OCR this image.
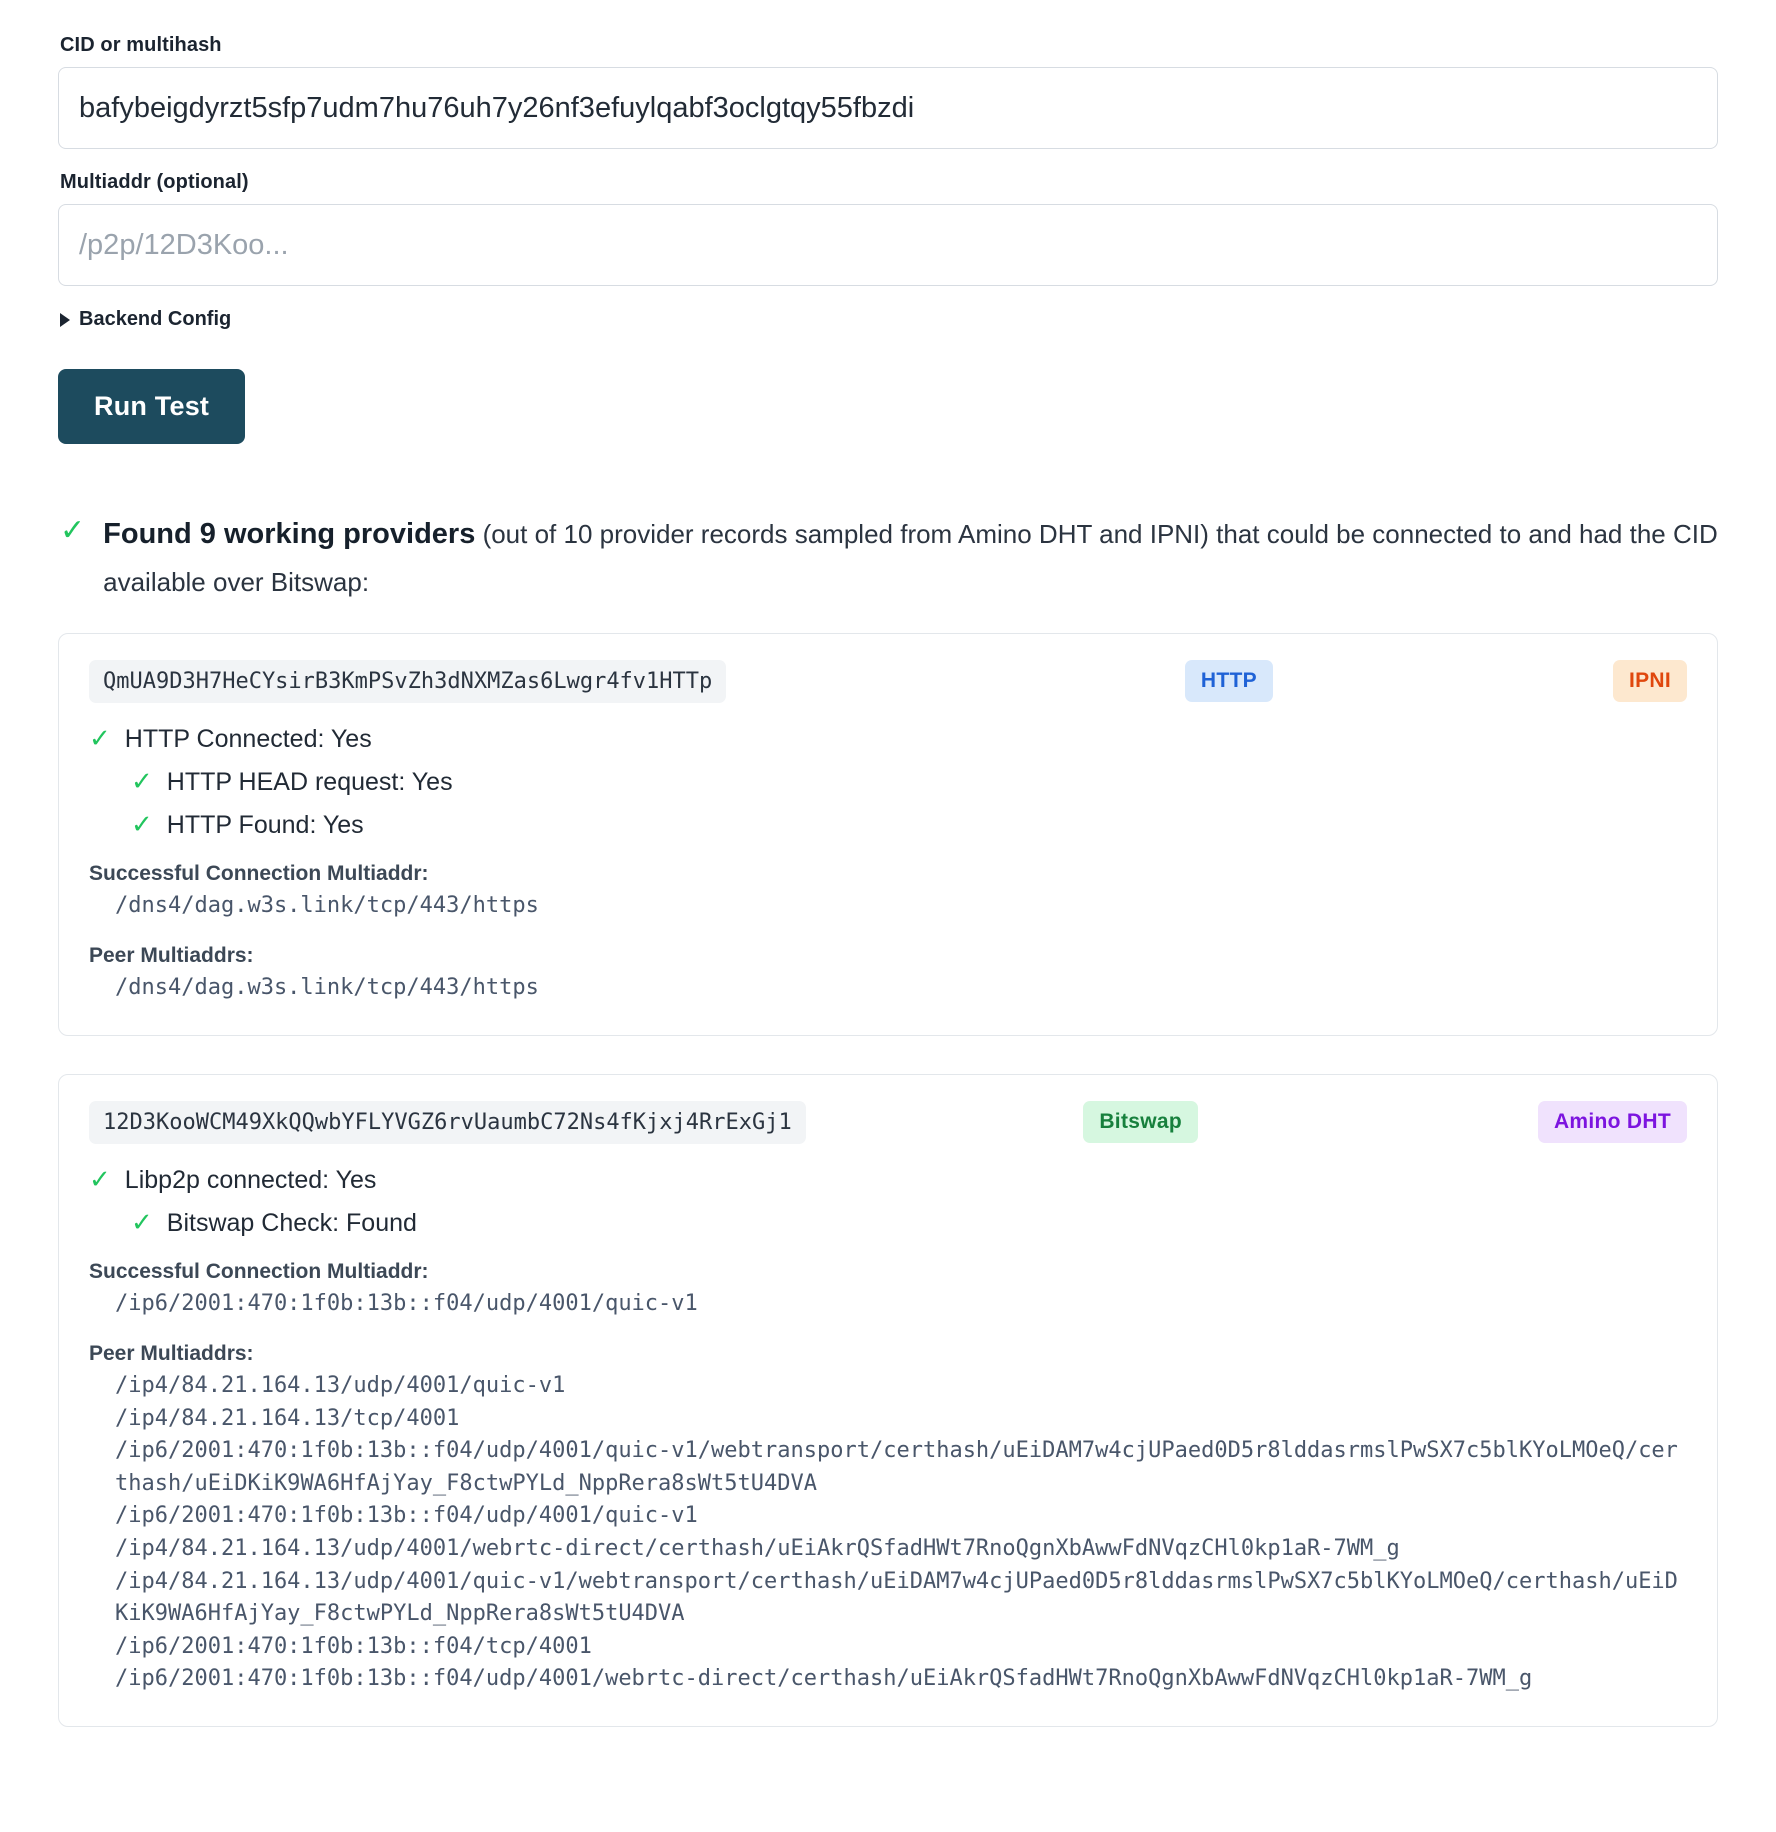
CID or multihash
bafybeigdyrzt5sfp7udm7hu76uh7y26nf3efuylqabf3oclgtqy55fbzdi
Multiaddr (optional)
/p2p/12D3Koo...
Backend Config
Run Test
✓ Found 9 working providers (out of 10 provider records sampled from Amino DHT and IPNI) that could be connected to and had the CID available over Bitswap:
QmUA9D3H7HeCYsirB3KmPSvZh3dNXMZas6Lwgr4fv1HTTp	HTTP	IPNI
✓ HTTP Connected: Yes
✓ HTTP HEAD request: Yes
✓ HTTP Found: Yes
Successful Connection Multiaddr:
/dns4/dag.w3s.link/tcp/443/https
Peer Multiaddrs:
/dns4/dag.w3s.link/tcp/443/https
12D3KooWCM49XkQQwbYFLYVGZ6rvUaumbC72Ns4fKjxj4RrExGj1	Bitswap	Amino DHT
✓ Libp2p connected: Yes
✓ Bitswap Check: Found
Successful Connection Multiaddr:
/ip6/2001:470:1f0b:13b::f04/udp/4001/quic-v1
Peer Multiaddrs:
/ip4/84.21.164.13/udp/4001/quic-v1
/ip4/84.21.164.13/tcp/4001
/ip6/2001:470:1f0b:13b::f04/udp/4001/quic-v1/webtransport/certhash/uEiDAM7w4cjUPaed0D5r8lddasrmslPwSX7c5blKYoLMOeQ/certhash/uEiDKiK9WA6HfAjYay_F8ctwPYLd_NppRera8sWt5tU4DVA
/ip6/2001:470:1f0b:13b::f04/udp/4001/quic-v1
/ip4/84.21.164.13/udp/4001/webrtc-direct/certhash/uEiAkrQSfadHWt7RnoQgnXbAwwFdNVqzCHl0kp1aR-7WM_g
/ip4/84.21.164.13/udp/4001/quic-v1/webtransport/certhash/uEiDAM7w4cjUPaed0D5r8lddasrmslPwSX7c5blKYoLMOeQ/certhash/uEiDKiK9WA6HfAjYay_F8ctwPYLd_NppRera8sWt5tU4DVA
/ip6/2001:470:1f0b:13b::f04/tcp/4001
/ip6/2001:470:1f0b:13b::f04/udp/4001/webrtc-direct/certhash/uEiAkrQSfadHWt7RnoQgnXbAwwFdNVqzCHl0kp1aR-7WM_g
